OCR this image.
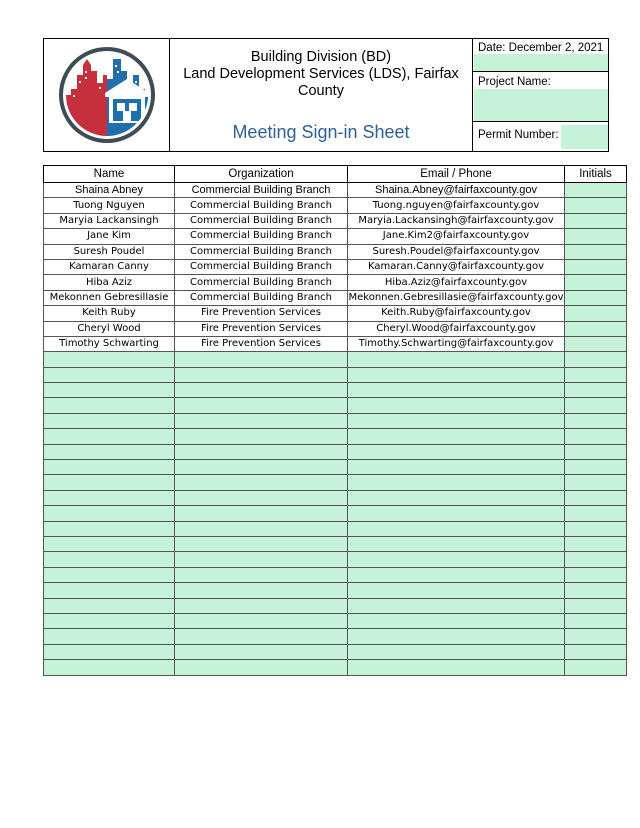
Building Division (BD)
Land Development Services (LDS), Fairfax
County
Meeting Sign-in Sheet
Date: December 2, 2021
Project Name:
Permit Number:
Name	Organization	Email / Phone	Initials
Shaina Abney	Commercial Building Branch	Shaina.Abney@fairfaxcounty.gov	
Tuong Nguyen	Commercial Building Branch	Tuong.nguyen@fairfaxcounty.gov	
Maryia Lackansingh	Commercial Building Branch	Maryia.Lackansingh@fairfaxcounty.gov	
Jane Kim	Commercial Building Branch	Jane.Kim2@fairfaxcounty.gov	
Suresh Poudel	Commercial Building Branch	Suresh.Poudel@fairfaxcounty.gov	
Kamaran Canny	Commercial Building Branch	Kamaran.Canny@fairfaxcounty.gov	
Hiba Aziz	Commercial Building Branch	Hiba.Aziz@fairfaxcounty.gov	
Mekonnen Gebresillasie	Commercial Building Branch	Mekonnen.Gebresillasie@fairfaxcounty.gov	
Keith Ruby	Fire Prevention Services	Keith.Ruby@fairfaxcounty.gov	
Cheryl Wood	Fire Prevention Services	Cheryl.Wood@fairfaxcounty.gov	
Timothy Schwarting	Fire Prevention Services	Timothy.Schwarting@fairfaxcounty.gov	
